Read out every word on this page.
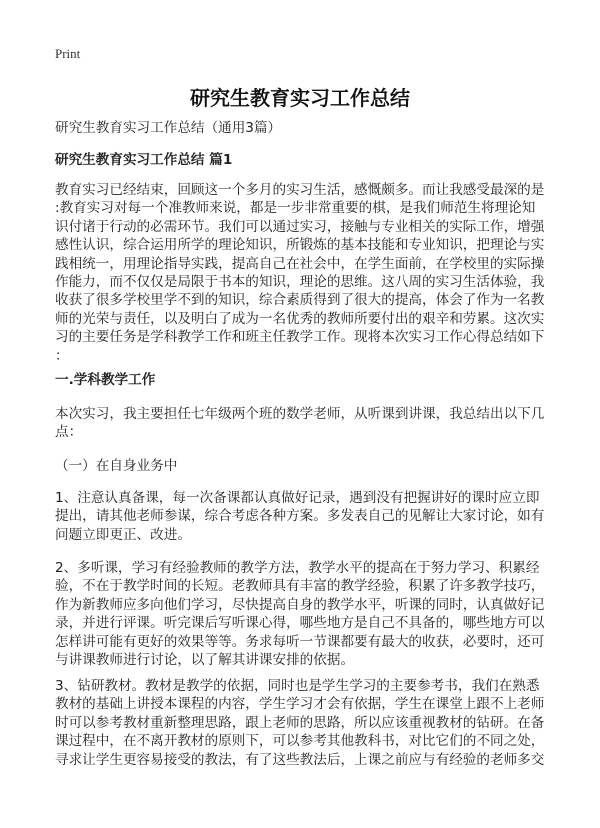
Print
研究生教育实习工作总结
研究生教育实习工作总结（通用3篇）
研究生教育实习工作总结 篇1
教育实习已经结束，回顾这一个多月的实习生活，感慨颇多。而让我感受最深的是
:教育实习对每一个准教师来说，都是一步非常重要的棋，是我们师范生将理论知
识付诸于行动的必需环节。我们可以通过实习，接触与专业相关的实际工作，增强
感性认识，综合运用所学的理论知识，所锻炼的基本技能和专业知识，把理论与实
践相统一，用理论指导实践，提高自己在社会中，在学生面前，在学校里的实际操
作能力，而不仅仅是局限于书本的知识，理论的思维。这八周的实习生活体验，我
收获了很多学校里学不到的知识，综合素质得到了很大的提高，体会了作为一名教
师的光荣与责任，以及明白了成为一名优秀的教师所要付出的艰辛和劳累。这次实
习的主要任务是学科教学工作和班主任教学工作。现将本次实习工作心得总结如下
：
一.学科教学工作
本次实习，我主要担任七年级两个班的数学老师，从听课到讲课，我总结出以下几
点：
（一）在自身业务中
1、注意认真备课，每一次备课都认真做好记录，遇到没有把握讲好的课时应立即
提出，请其他老师参谋，综合考虑各种方案。多发表自己的见解让大家讨论，如有
问题立即更正、改进。
2、多听课，学习有经验教师的教学方法，教学水平的提高在于努力学习、积累经
验，不在于教学时间的长短。老教师具有丰富的教学经验，积累了许多教学技巧，
作为新教师应多向他们学习，尽快提高自身的教学水平，听课的同时，认真做好记
录，并进行评课。听完课后写听课心得，哪些地方是自己不具备的，哪些地方可以
怎样讲可能有更好的效果等等。务求每听一节课都要有最大的收获，必要时，还可
与讲课教师进行讨论，以了解其讲课安排的依据。
3、钻研教材。教材是教学的依据，同时也是学生学习的主要参考书，我们在熟悉
教材的基础上讲授本课程的内容，学生学习才会有依据，学生在课堂上跟不上老师
时可以参考教材重新整理思路，跟上老师的思路，所以应该重视教材的钻研。在备
课过程中，在不离开教材的原则下，可以参考其他教科书，对比它们的不同之处，
寻求让学生更容易接受的教法，有了这些教法后，上课之前应与有经验的老师多交
